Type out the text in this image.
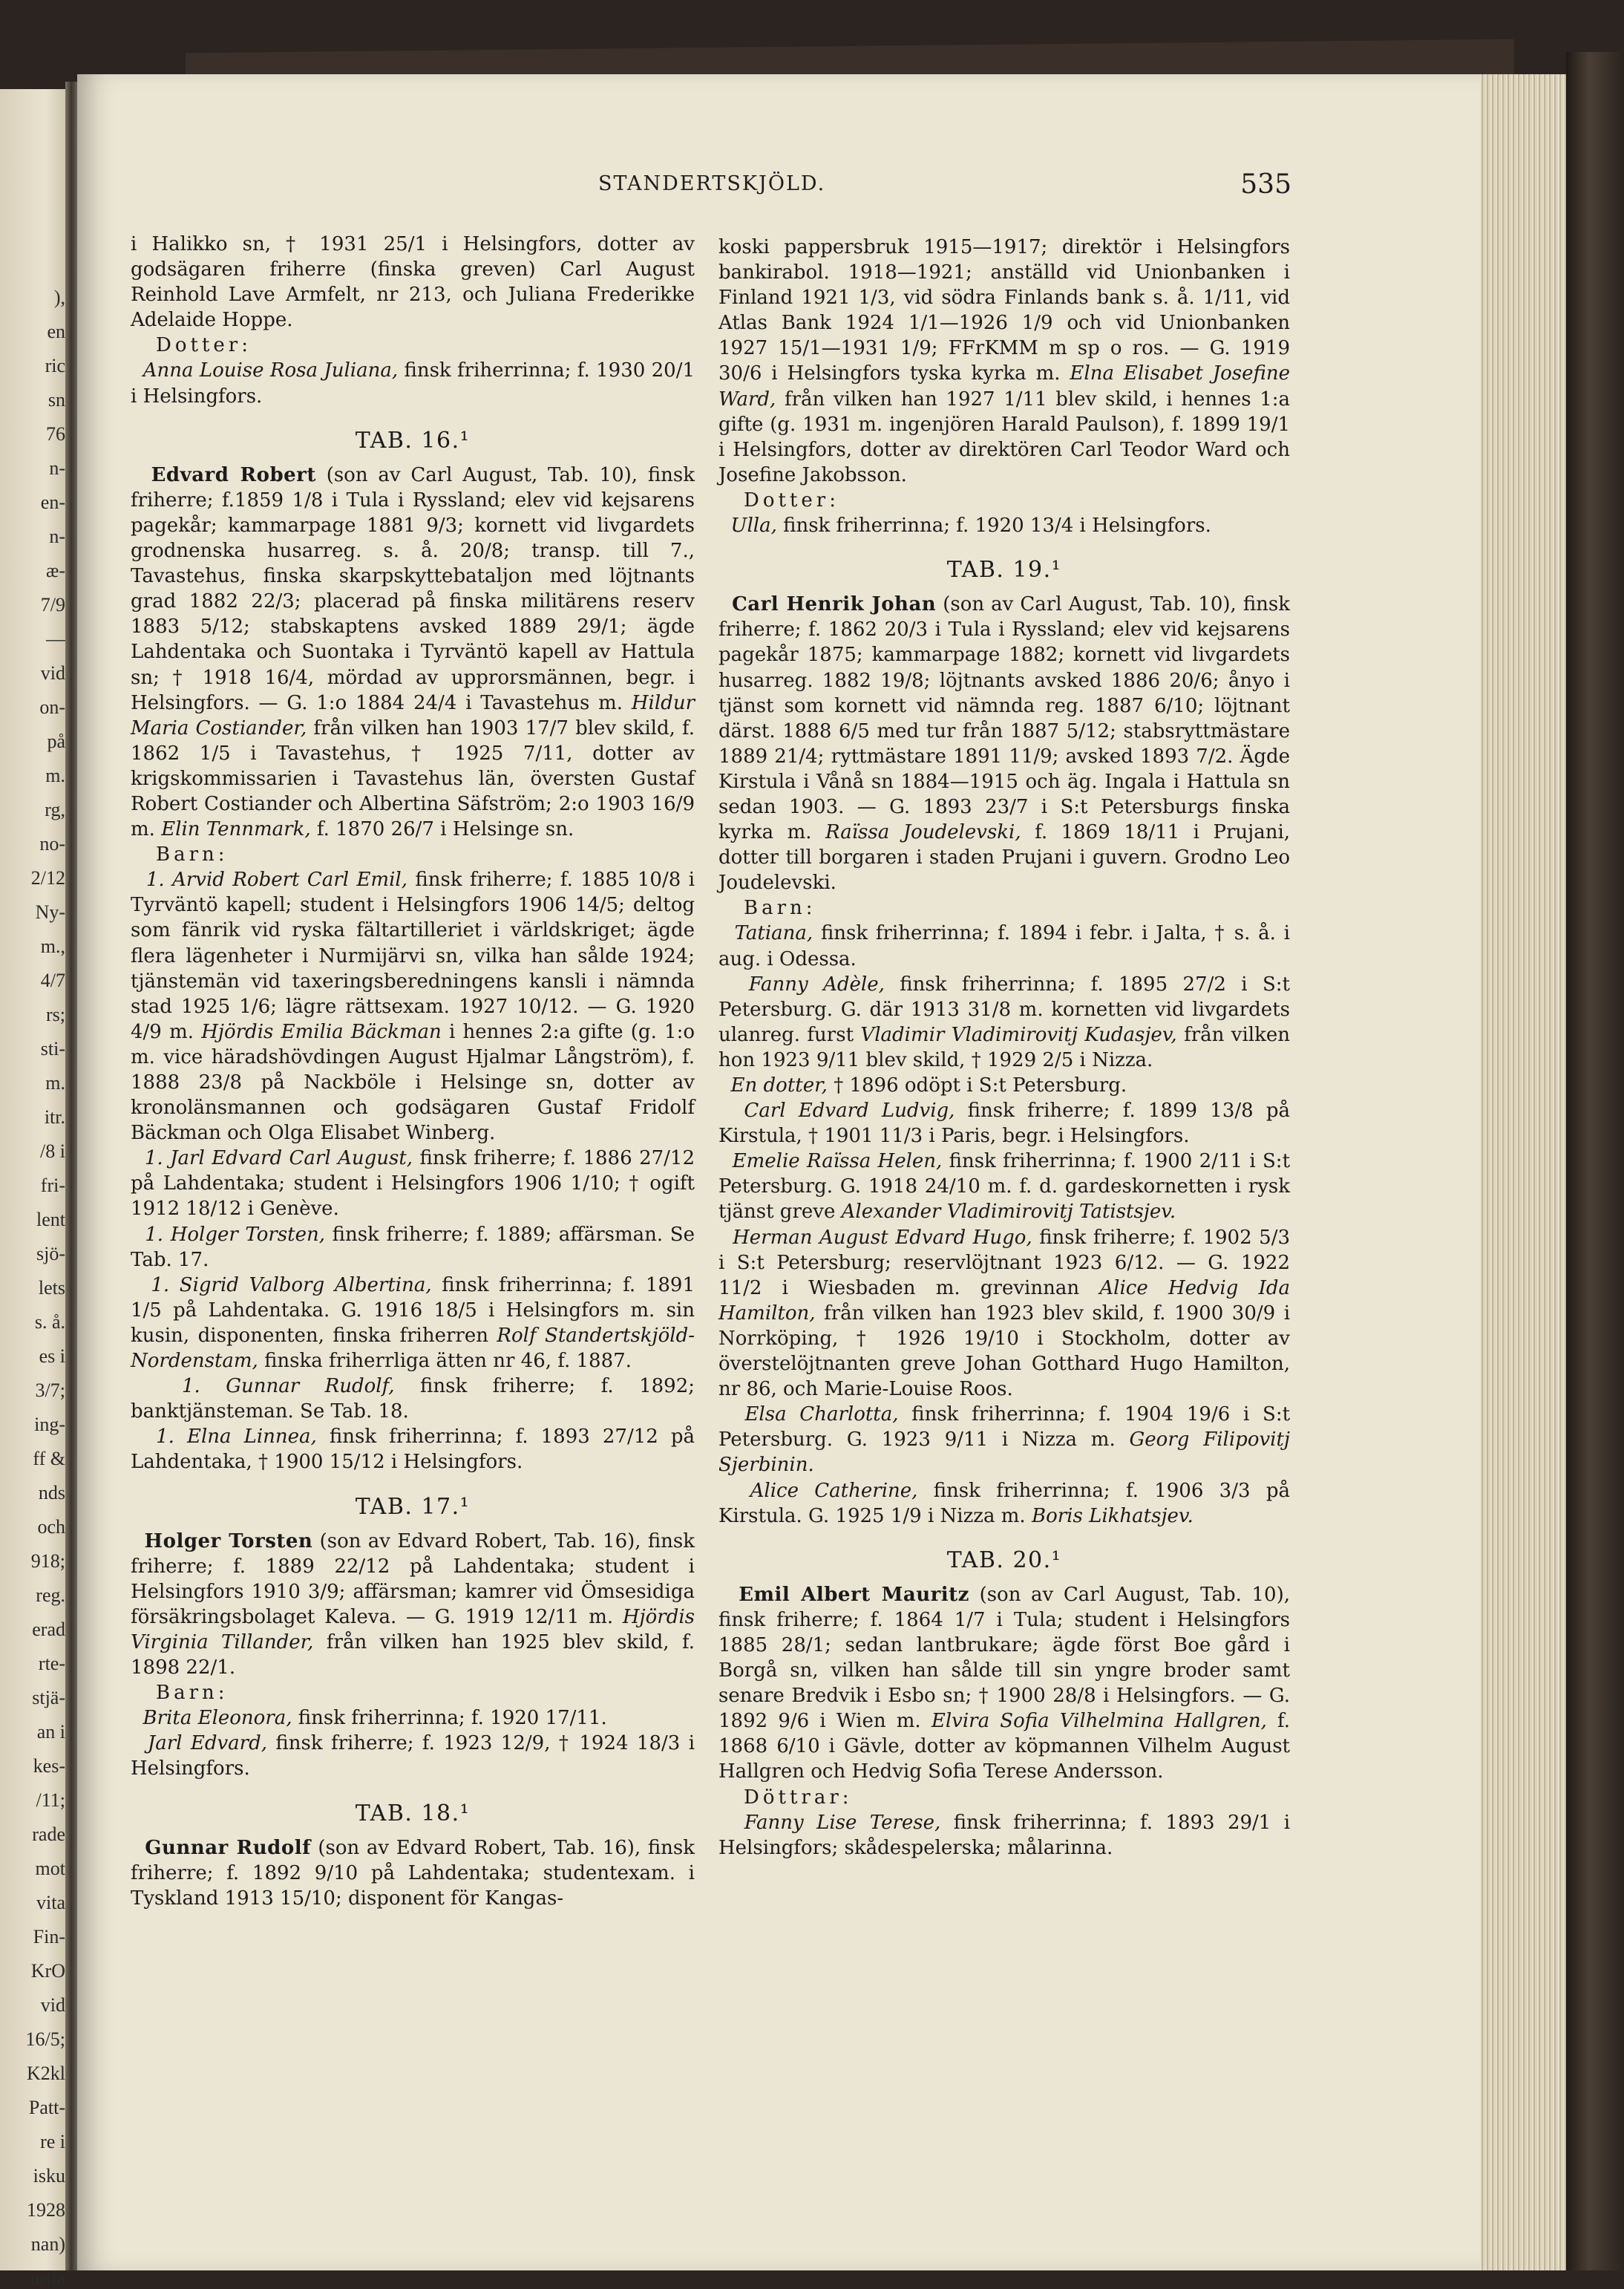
),
en
ric
sn
76
n-
en-
n-
æ-
7/9
—
vid
on-
på
m.
rg,
no-
2/12
Ny-
m.,
4/7
rs;
sti-
m.
itr.
/8 i
fri-
lent
sjö-
lets
s. å.
es i
3/7;
ing-
ff &
nds
och
918;
reg.
erad
rte-
stjä-
an i
kes-
/11;
rade
mot
vita
Fin-
KrO
vid
16/5;
K2kl
Patt-
re i
isku
1928
nan)
urila
STANDERTSKJÖLD.	535

i Halikko sn, † 1931 25/1 i Helsingfors, dotter av godsägaren friherre (finska greven) Carl August Reinhold Lave Armfelt, nr 213, och Juliana Frederikke Adelaide Hoppe.

Dotter:

Anna Louise Rosa Juliana, finsk friherrinna; f. 1930 20/1 i Helsingfors.

TAB. 16.¹

Edvard Robert (son av Carl August, Tab. 10), finsk friherre; f.1859 1/8 i Tula i Ryssland; elev vid kejsarens pagekår; kammarpage 1881 9/3; kornett vid livgardets grodnenska husarreg. s. å. 20/8; transp. till 7., Tavastehus, finska skarpskyttebataljon med löjtnants grad 1882 22/3; placerad på finska militärens reserv 1883 5/12; stabskaptens avsked 1889 29/1; ägde Lahdentaka och Suontaka i Tyrväntö kapell av Hattula sn; † 1918 16/4, mördad av upprorsmännen, begr. i Helsingfors. — G. 1:o 1884 24/4 i Tavastehus m. Hildur Maria Costiander, från vilken han 1903 17/7 blev skild, f. 1862 1/5 i Tavastehus, † 1925 7/11, dotter av krigskommissarien i Tavastehus län, översten Gustaf Robert Costiander och Albertina Säfström; 2:o 1903 16/9 m. Elin Tennmark, f. 1870 26/7 i Helsinge sn.

Barn:

1. Arvid Robert Carl Emil, finsk friherre; f. 1885 10/8 i Tyrväntö kapell; student i Helsingfors 1906 14/5; deltog som fänrik vid ryska fältartilleriet i världskriget; ägde flera lägenheter i Nurmijärvi sn, vilka han sålde 1924; tjänstemän vid taxeringsberedningens kansli i nämnda stad 1925 1/6; lägre rättsexam. 1927 10/12. — G. 1920 4/9 m. Hjördis Emilia Bäckman i hennes 2:a gifte (g. 1:o m. vice häradshövdingen August Hjalmar Långström), f. 1888 23/8 på Nackböle i Helsinge sn, dotter av kronolänsmannen och godsägaren Gustaf Fridolf Bäckman och Olga Elisabet Winberg.

1. Jarl Edvard Carl August, finsk friherre; f. 1886 27/12 på Lahdentaka; student i Helsingfors 1906 1/10; † ogift 1912 18/12 i Genève.

1. Holger Torsten, finsk friherre; f. 1889; affärsman. Se Tab. 17.

1. Sigrid Valborg Albertina, finsk friherrinna; f. 1891 1/5 på Lahdentaka. G. 1916 18/5 i Helsingfors m. sin kusin, disponenten, finska friherren Rolf Standertskjöld-Nordenstam, finska friherrliga ätten nr 46, f. 1887.

1. Gunnar Rudolf, finsk friherre; f. 1892; banktjänsteman. Se Tab. 18.

1. Elna Linnea, finsk friherrinna; f. 1893 27/12 på Lahdentaka, † 1900 15/12 i Helsingfors.

TAB. 17.¹

Holger Torsten (son av Edvard Robert, Tab. 16), finsk friherre; f. 1889 22/12 på Lahdentaka; student i Helsingfors 1910 3/9; affärsman; kamrer vid Ömsesidiga försäkringsbolaget Kaleva. — G. 1919 12/11 m. Hjördis Virginia Tillander, från vilken han 1925 blev skild, f. 1898 22/1.

Barn:

Brita Eleonora, finsk friherrinna; f. 1920 17/11.

Jarl Edvard, finsk friherre; f. 1923 12/9, † 1924 18/3 i Helsingfors.

TAB. 18.¹

Gunnar Rudolf (son av Edvard Robert, Tab. 16), finsk friherre; f. 1892 9/10 på Lahdentaka; studentexam. i Tyskland 1913 15/10; disponent för Kangas-

koski pappersbruk 1915—1917; direktör i Helsingfors bankirabol. 1918—1921; anställd vid Unionbanken i Finland 1921 1/3, vid södra Finlands bank s. å. 1/11, vid Atlas Bank 1924 1/1—1926 1/9 och vid Unionbanken 1927 15/1—1931 1/9; FFrKMM m sp o ros. — G. 1919 30/6 i Helsingfors tyska kyrka m. Elna Elisabet Josefine Ward, från vilken han 1927 1/11 blev skild, i hennes 1:a gifte (g. 1931 m. ingenjören Harald Paulson), f. 1899 19/1 i Helsingfors, dotter av direktören Carl Teodor Ward och Josefine Jakobsson.

Dotter:

Ulla, finsk friherrinna; f. 1920 13/4 i Helsingfors.

TAB. 19.¹

Carl Henrik Johan (son av Carl August, Tab. 10), finsk friherre; f. 1862 20/3 i Tula i Ryssland; elev vid kejsarens pagekår 1875; kammarpage 1882; kornett vid livgardets husarreg. 1882 19/8; löjtnants avsked 1886 20/6; ånyo i tjänst som kornett vid nämnda reg. 1887 6/10; löjtnant därst. 1888 6/5 med tur från 1887 5/12; stabsryttmästare 1889 21/4; ryttmästare 1891 11/9; avsked 1893 7/2. Ägde Kirstula i Vånå sn 1884—1915 och äg. Ingala i Hattula sn sedan 1903. — G. 1893 23/7 i S:t Petersburgs finska kyrka m. Raïssa Joudelevski, f. 1869 18/11 i Prujani, dotter till borgaren i staden Prujani i guvern. Grodno Leo Joudelevski.

Barn:

Tatiana, finsk friherrinna; f. 1894 i febr. i Jalta, † s. å. i aug. i Odessa.

Fanny Adèle, finsk friherrinna; f. 1895 27/2 i S:t Petersburg. G. där 1913 31/8 m. kornetten vid livgardets ulanreg. furst Vladimir Vladimirovitj Kudasjev, från vilken hon 1923 9/11 blev skild, † 1929 2/5 i Nizza.

En dotter, † 1896 odöpt i S:t Petersburg.

Carl Edvard Ludvig, finsk friherre; f. 1899 13/8 på Kirstula, † 1901 11/3 i Paris, begr. i Helsingfors.

Emelie Raïssa Helen, finsk friherrinna; f. 1900 2/11 i S:t Petersburg. G. 1918 24/10 m. f. d. gardeskornetten i rysk tjänst greve Alexander Vladimirovitj Tatistsjev.

Herman August Edvard Hugo, finsk friherre; f. 1902 5/3 i S:t Petersburg; reservlöjtnant 1923 6/12. — G. 1922 11/2 i Wiesbaden m. grevinnan Alice Hedvig Ida Hamilton, från vilken han 1923 blev skild, f. 1900 30/9 i Norrköping, † 1926 19/10 i Stockholm, dotter av överstelöjtnanten greve Johan Gotthard Hugo Hamilton, nr 86, och Marie-Louise Roos.

Elsa Charlotta, finsk friherrinna; f. 1904 19/6 i S:t Petersburg. G. 1923 9/11 i Nizza m. Georg Filipovitj Sjerbinin.

Alice Catherine, finsk friherrinna; f. 1906 3/3 på Kirstula. G. 1925 1/9 i Nizza m. Boris Likhatsjev.

TAB. 20.¹

Emil Albert Mauritz (son av Carl August, Tab. 10), finsk friherre; f. 1864 1/7 i Tula; student i Helsingfors 1885 28/1; sedan lantbrukare; ägde först Boe gård i Borgå sn, vilken han sålde till sin yngre broder samt senare Bredvik i Esbo sn; † 1900 28/8 i Helsingfors. — G. 1892 9/6 i Wien m. Elvira Sofia Vilhelmina Hallgren, f. 1868 6/10 i Gävle, dotter av köpmannen Vilhelm August Hallgren och Hedvig Sofia Terese Andersson.

Döttrar:

Fanny Lise Terese, finsk friherrinna; f. 1893 29/1 i Helsingfors; skådespelerska; målarinna.
